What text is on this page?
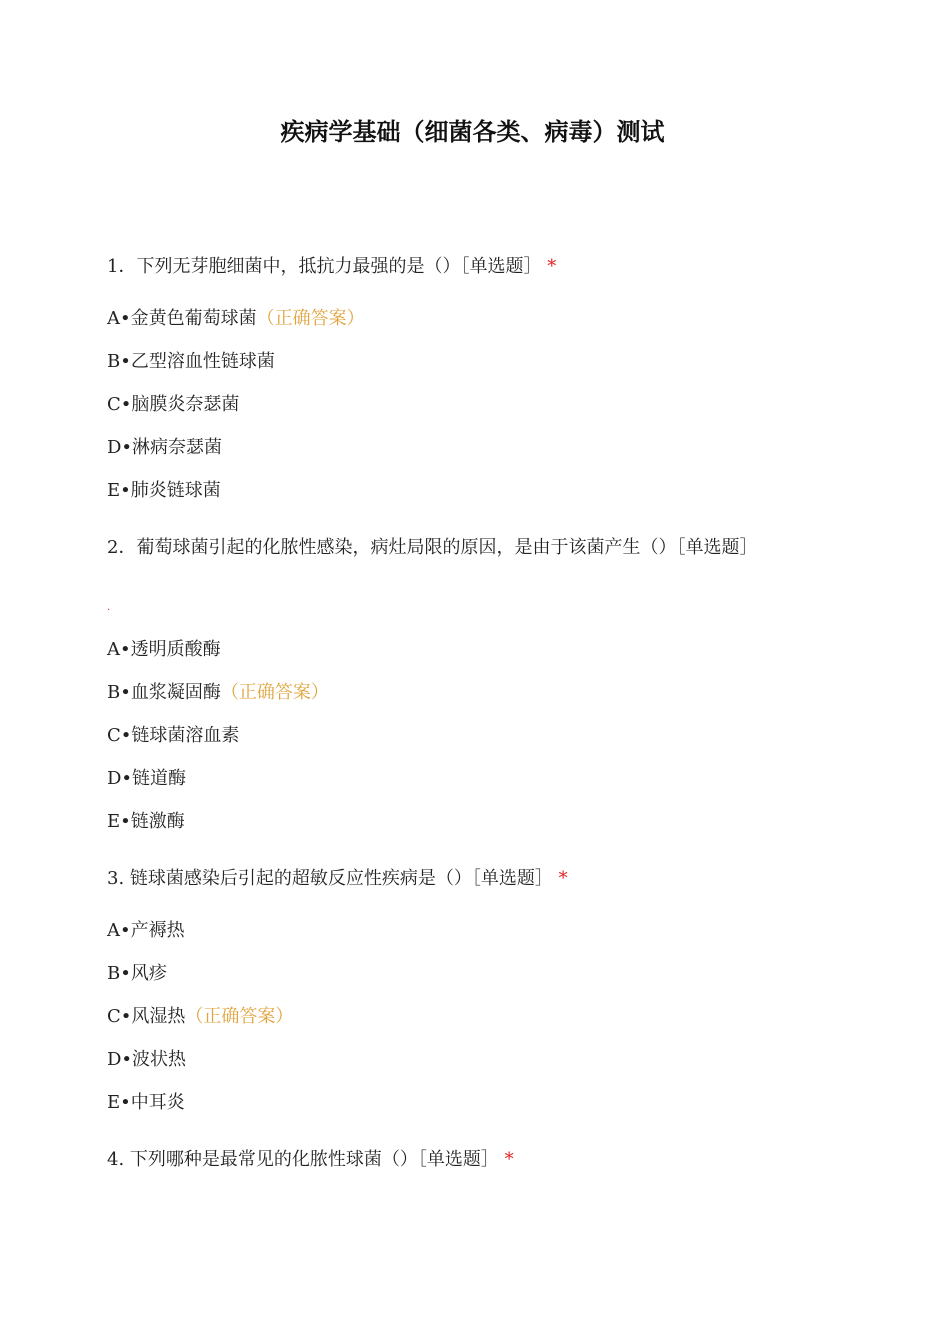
疾病学基础（细菌各类、病毒）测试
1．下列无芽胞细菌中，抵抗力最强的是（）［单选题］ *
A•金黄色葡萄球菌（正确答案）
B•乙型溶血性链球菌
C•脑膜炎奈瑟菌
D•淋病奈瑟菌
E•肺炎链球菌
2．葡萄球菌引起的化脓性感染，病灶局限的原因，是由于该菌产生（）［单选题］
.
A•透明质酸酶
B•血浆凝固酶（正确答案）
C•链球菌溶血素
D•链道酶
E•链激酶
3. 链球菌感染后引起的超敏反应性疾病是（）［单选题］ *
A•产褥热
B•风疹
C•风湿热（正确答案）
D•波状热
E•中耳炎
4. 下列哪种是最常见的化脓性球菌（）［单选题］ *
